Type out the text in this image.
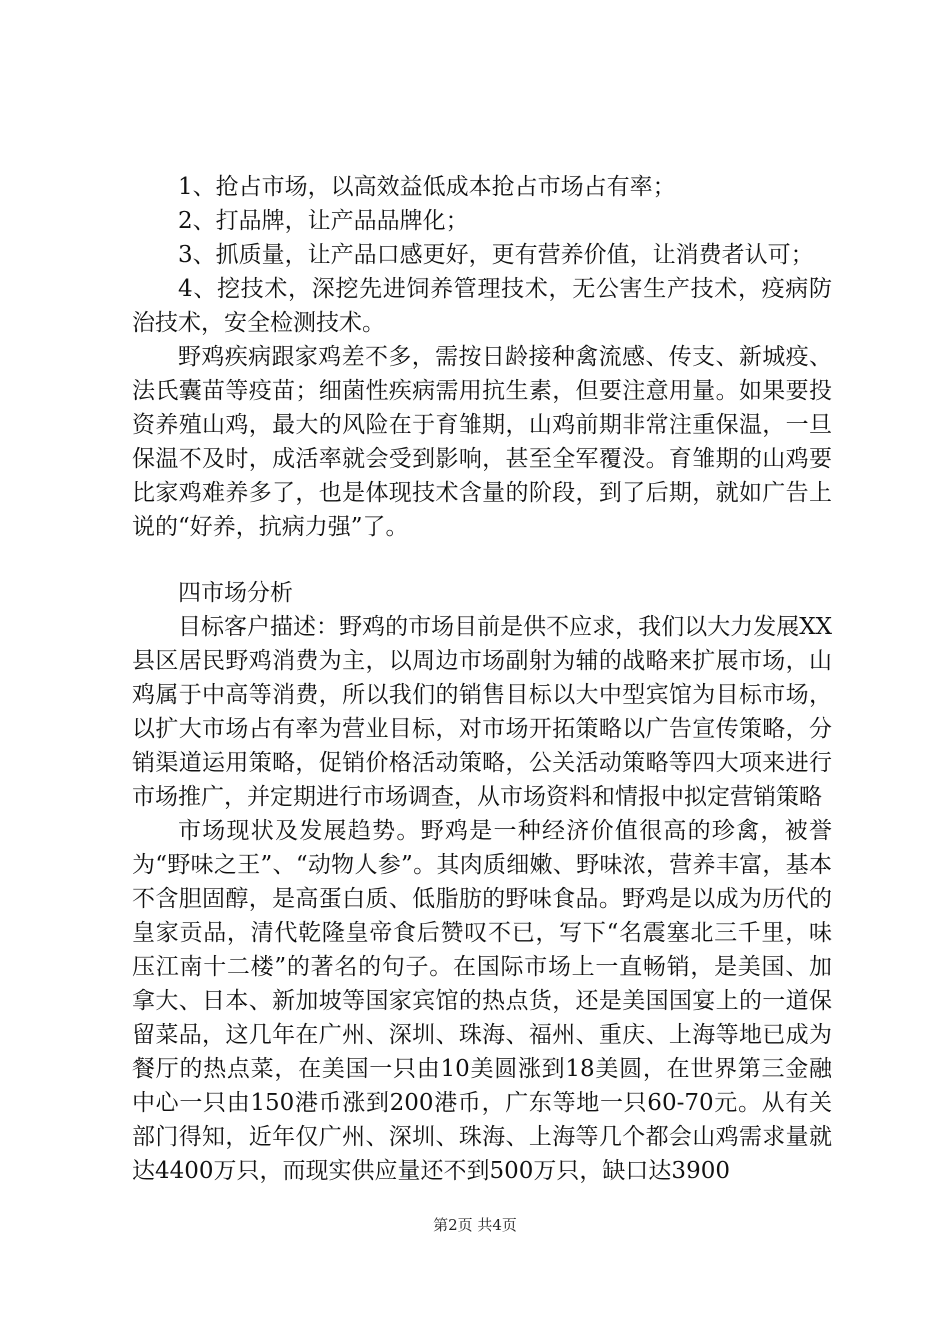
1、抢占市场，以高效益低成本抢占市场占有率；

2、打品牌，让产品品牌化；

3、抓质量，让产品口感更好，更有营养价值，让消费者认可；

4、挖技术，深挖先进饲养管理技术，无公害生产技术，疫病防治技术，安全检测技术。

野鸡疾病跟家鸡差不多，需按日龄接种禽流感、传支、新城疫、法氏囊苗等疫苗；细菌性疾病需用抗生素，但要注意用量。如果要投资养殖山鸡，最大的风险在于育雏期，山鸡前期非常注重保温，一旦保温不及时，成活率就会受到影响，甚至全军覆没。育雏期的山鸡要比家鸡难养多了，也是体现技术含量的阶段，到了后期，就如广告上说的“好养，抗病力强”了。

四市场分析

目标客户描述：野鸡的市场目前是供不应求，我们以大力发展XX县区居民野鸡消费为主，以周边市场副射为辅的战略来扩展市场，山鸡属于中高等消费，所以我们的销售目标以大中型宾馆为目标市场，以扩大市场占有率为营业目标，对市场开拓策略以广告宣传策略，分销渠道运用策略，促销价格活动策略，公关活动策略等四大项来进行市场推广，并定期进行市场调查，从市场资料和情报中拟定营销策略

市场现状及发展趋势。野鸡是一种经济价值很高的珍禽，被誉为“野味之王”、“动物人参”。其肉质细嫩、野味浓，营养丰富，基本不含胆固醇，是高蛋白质、低脂肪的野味食品。野鸡是以成为历代的皇家贡品，清代乾隆皇帝食后赞叹不已，写下“名震塞北三千里，味压江南十二楼”的著名的句子。在国际市场上一直畅销，是美国、加拿大、日本、新加坡等国家宾馆的热点货，还是美国国宴上的一道保留菜品，这几年在广州、深圳、珠海、福州、重庆、上海等地已成为餐厅的热点菜，在美国一只由10美圆涨到18美圆，在世界第三金融中心一只由150港币涨到200港币，广东等地一只60-70元。从有关部门得知，近年仅广州、深圳、珠海、上海等几个都会山鸡需求量就达4400万只，而现实供应量还不到500万只，缺口达3900

第2页 共4页
